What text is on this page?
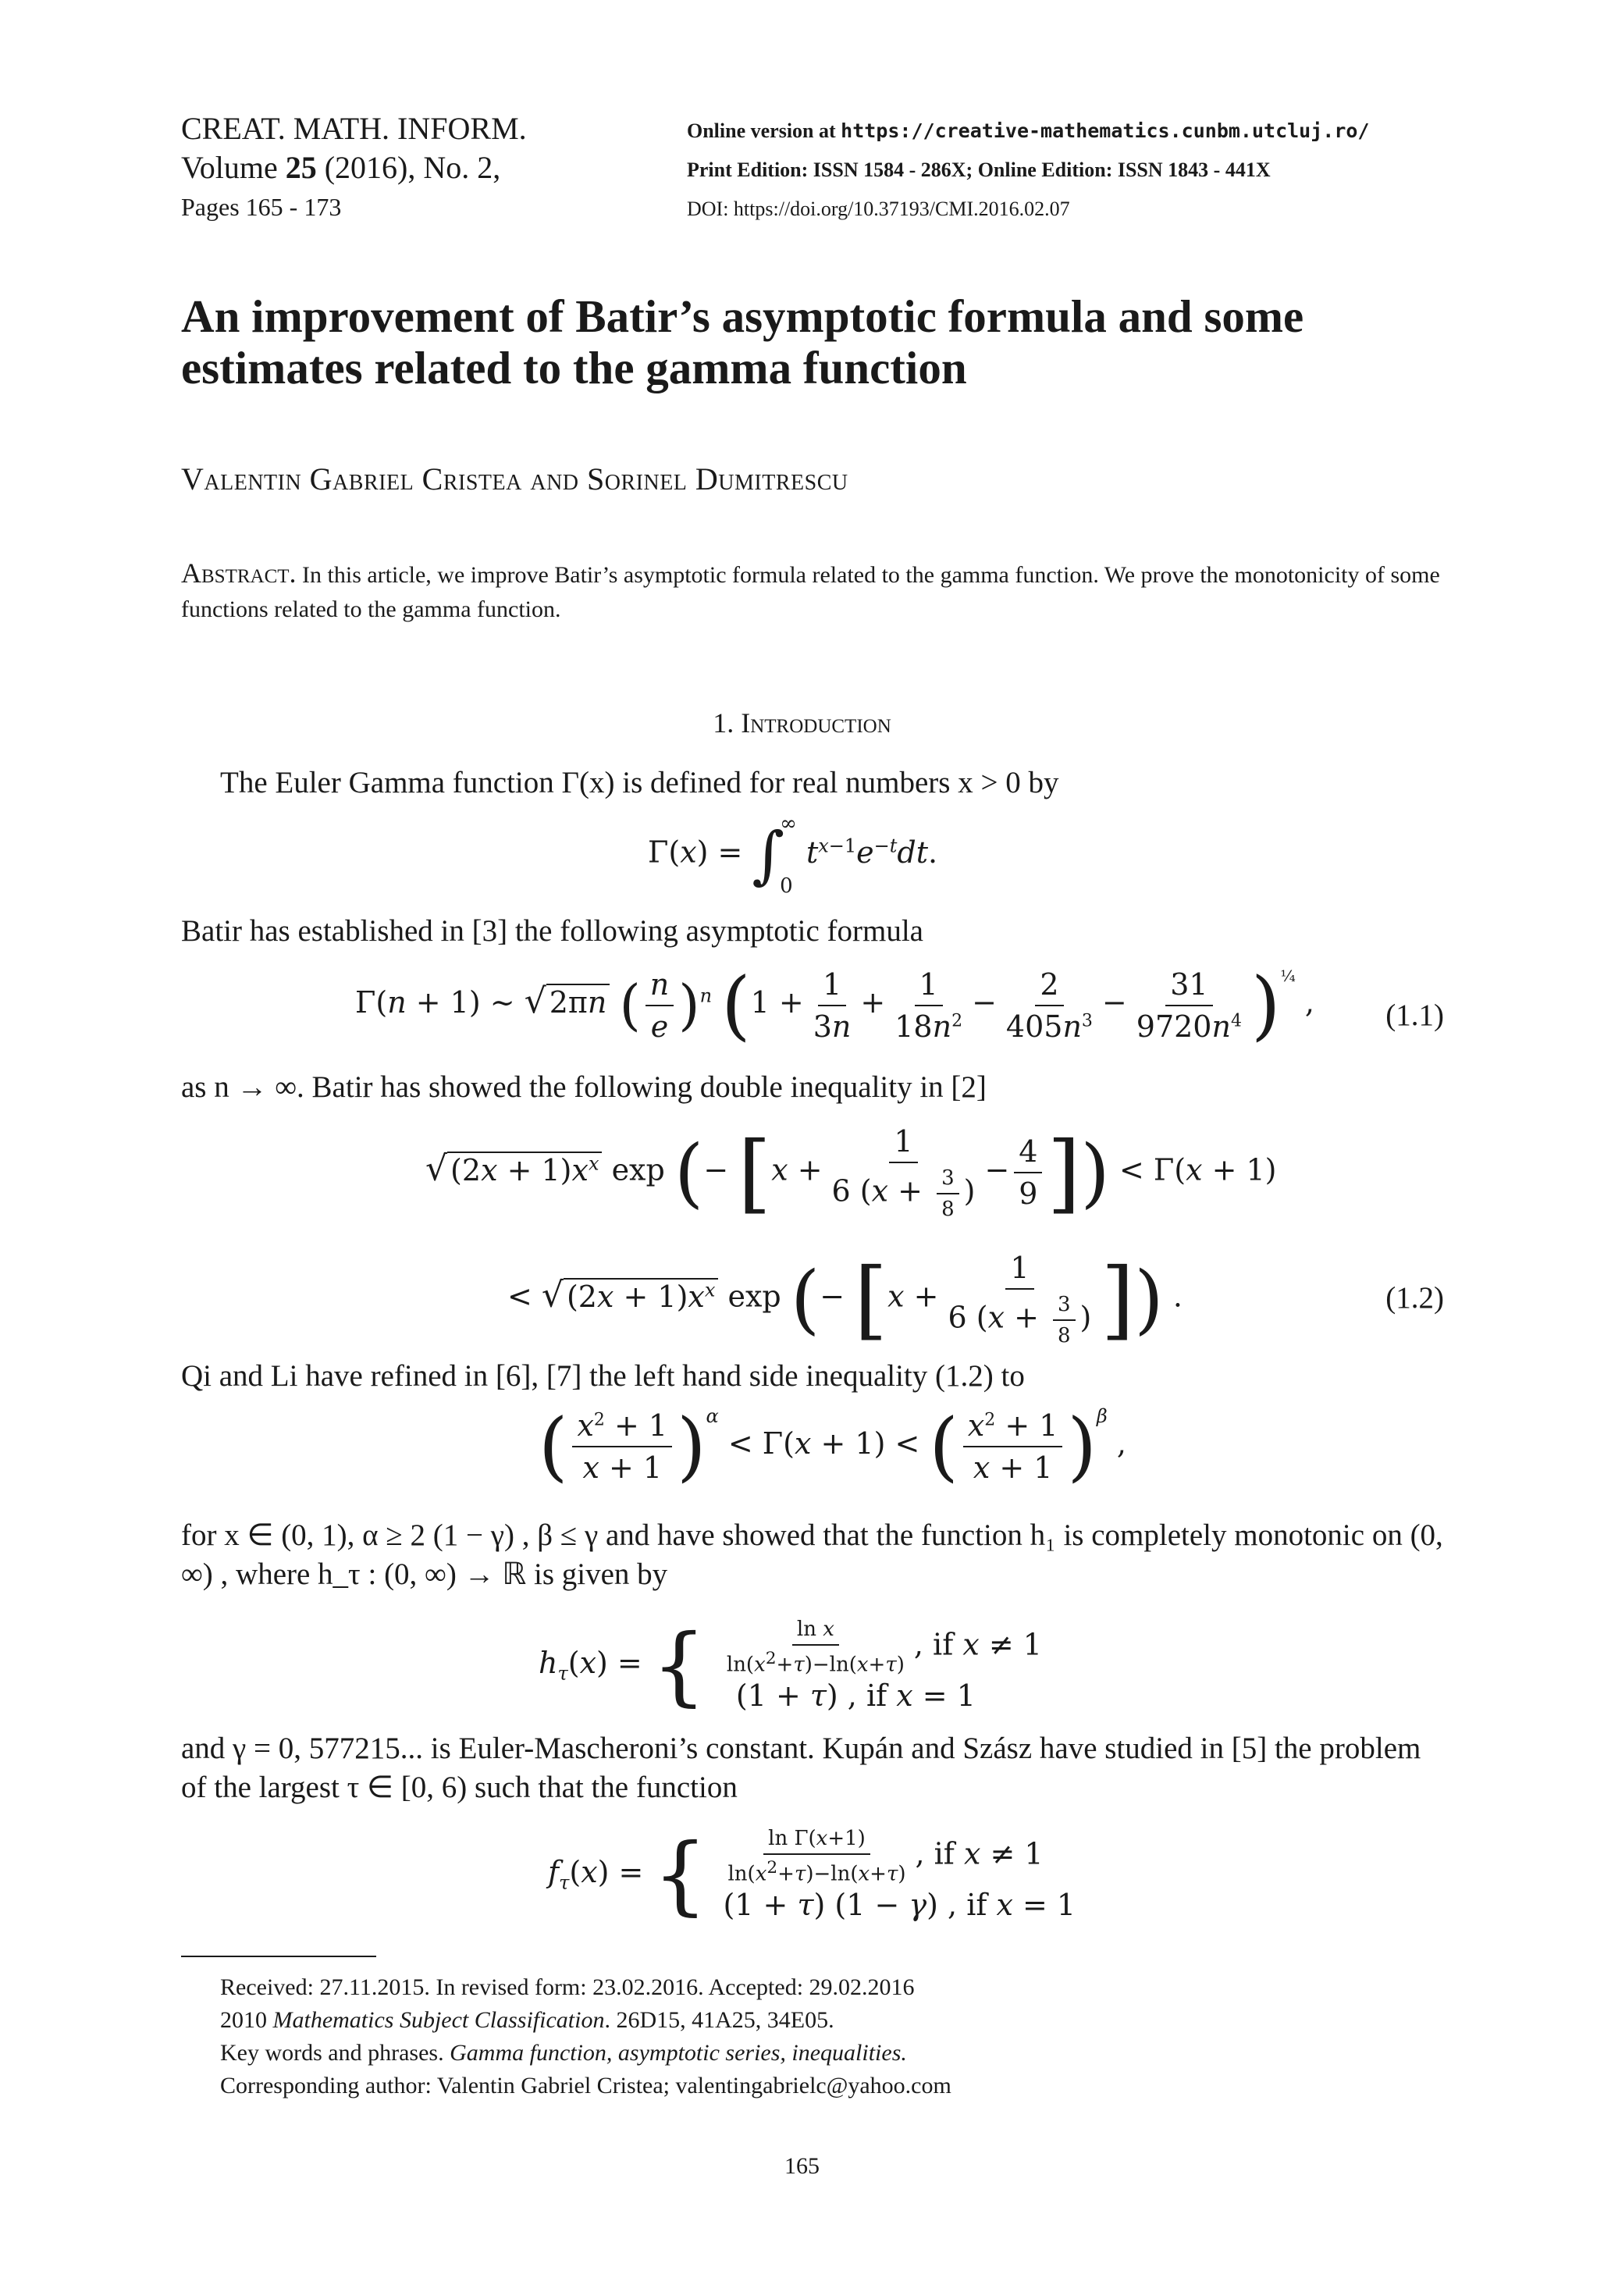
CREAT. MATH. INFORM.
Volume 25 (2016), No. 2,
Pages 165 - 173
Online version at https://creative-mathematics.cunbm.utcluj.ro/
Print Edition: ISSN 1584 - 286X; Online Edition: ISSN 1843 - 441X
DOI: https://doi.org/10.37193/CMI.2016.02.07
An improvement of Batir’s asymptotic formula and some estimates related to the gamma function
Valentin Gabriel Cristea and Sorinel Dumitrescu
Abstract. In this article, we improve Batir’s asymptotic formula related to the gamma function. We prove the monotonicity of some functions related to the gamma function.
1. Introduction
The Euler Gamma function Γ(x) is defined for real numbers x > 0 by
Γ(x) = ∫
∞
0
$t^{x-1}e^{-t}dt$.
Batir has established in [3] the following asymptotic formula
Γ(n + 1) ∼ √ 2πn ( $\frac{n}{e} )^n$ $(1 + \frac{1}{3n} + \frac{1}{18n^2} - \frac{2}{405n^3} - \frac{31}{9720n^4} )^{\frac{1}{4}}$ , (1.1)
as n → ∞. Batir has showed the following double inequality in [2]
√ $(2x + 1)x^x$ exp (− [$x + \frac{1}{6 (x + \frac{3}{8} )} - \frac{4}{9}$ ]) < Γ(x + 1)
< √ $(2x + 1)x^x$ exp (− [$x + \frac{1}{6 (x + \frac{3}{8} )}$ ]) .	(1.2)
Qi and Li have refined in [6], [7] the left hand side inequality (1.2) to
( $\frac{x^2 + 1}{x + 1} )^\alpha < \Gamma(x + 1)$ < ( $\frac{x^2 + 1}{x + 1} )^\beta$ ,
for x ∈ (0, 1), α ≥ 2 (1 − γ) , β ≤ γ and have showed that the function h₁ is completely monotonic on (0, ∞) , where h_τ : (0, ∞) → ℝ is given by
$h_\tau(x)$ = { $\frac{\text{ln x}}{\ln(x^2+\tau)-\ln(x+\tau)}$ , if x ≠ 1
(1 + τ) , if x = 1
and γ = 0, 577215... is Euler-Mascheroni’s constant. Kupán and Szász have studied in [5] the problem of the largest τ ∈ [0, 6) such that the function
$f_\tau(x)$ = { $\frac{\text{ln Γ(x+1)}}{\ln(x^2+\tau)-\ln(x+\tau)}$ , if x ≠ 1
(1 + τ) (1 − γ) , if x = 1
Received: 27.11.2015. In revised form: 23.02.2016. Accepted: 29.02.2016
2010 Mathematics Subject Classification. 26D15, 41A25, 34E05.
Key words and phrases. Gamma function, asymptotic series, inequalities.
Corresponding author: Valentin Gabriel Cristea; valentingabrielc@yahoo.com
165
